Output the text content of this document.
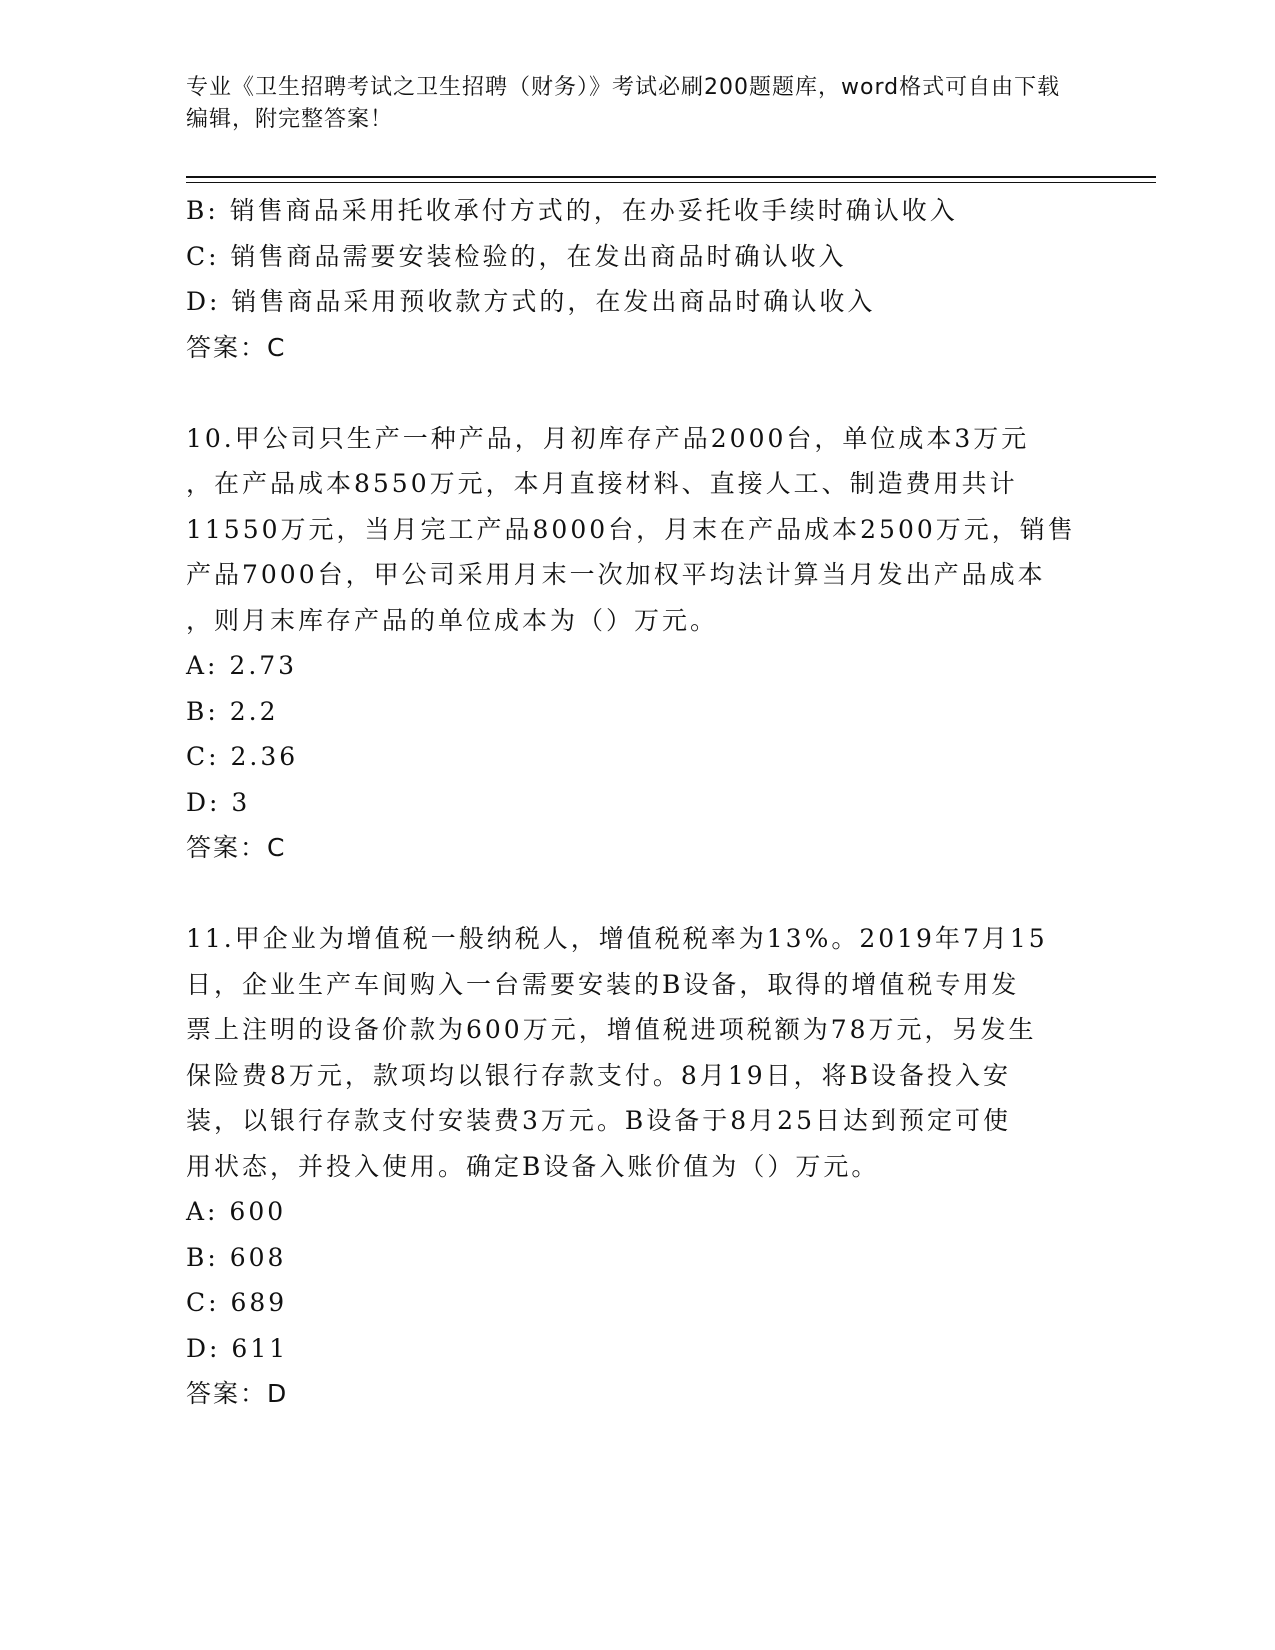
专业《卫生招聘考试之卫生招聘（财务）》考试必刷200题题库，word格式可自由下载编辑，附完整答案！
B: 销售商品采用托收承付方式的，在办妥托收手续时确认收入
C: 销售商品需要安装检验的，在发出商品时确认收入
D: 销售商品采用预收款方式的，在发出商品时确认收入
答案：C
10.甲公司只生产一种产品，月初库存产品2000台，单位成本3万元
，在产品成本8550万元，本月直接材料、直接人工、制造费用共计
11550万元，当月完工产品8000台，月末在产品成本2500万元，销售
产品7000台，甲公司采用月末一次加权平均法计算当月发出产品成本
，则月末库存产品的单位成本为（）万元。
A: 2.73
B: 2.2
C: 2.36
D: 3
答案：C
11.甲企业为增值税一般纳税人，增值税税率为13%。2019年7月15
日，企业生产车间购入一台需要安装的B设备，取得的增值税专用发
票上注明的设备价款为600万元，增值税进项税额为78万元，另发生
保险费8万元，款项均以银行存款支付。8月19日，将B设备投入安
装，以银行存款支付安装费3万元。B设备于8月25日达到预定可使
用状态，并投入使用。确定B设备入账价值为（）万元。
A: 600
B: 608
C: 689
D: 611
答案：D
